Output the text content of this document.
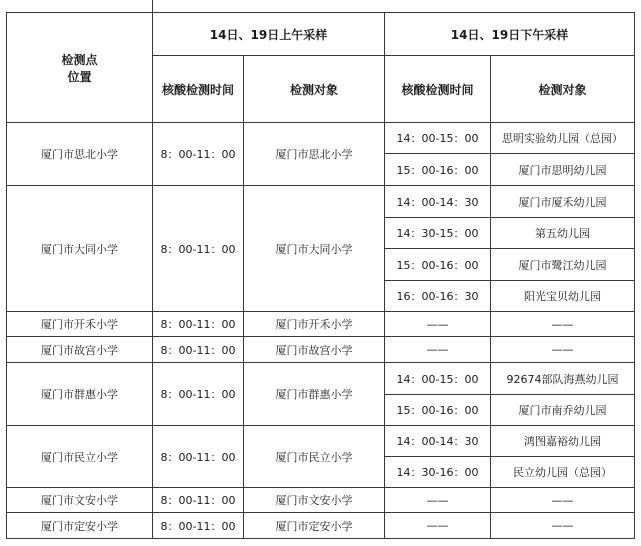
检测点
位置	14日、19日上午采样		14日、19日下午采样	
	核酸检测时间	检测对象	核酸检测时间	检测对象
厦门市思北小学	8：00-11：00	厦门市思北小学	14：00-15：00	思明实验幼儿园（总园）
			15：00-16：00	厦门市思明幼儿园
厦门市大同小学	8：00-11：00	厦门市大同小学	14：00-14：30	厦门市厦禾幼儿园
			14：30-15：00	第五幼儿园
			15：00-16：00	厦门市鹭江幼儿园
			16：00-16：30	阳光宝贝幼儿园
厦门市开禾小学	8：00-11：00	厦门市开禾小学	——	——
厦门市故宫小学	8：00-11：00	厦门市故宫小学	——	——
厦门市群惠小学	8：00-11：00	厦门市群惠小学	14：00-15：00	92674部队海燕幼儿园
			15：00-16：00	厦门市南乔幼儿园
厦门市民立小学	8：00-11：00	厦门市民立小学	14：00-14：30	鸿图嘉裕幼儿园
			14：30-16：00	民立幼儿园（总园）
厦门市文安小学	8：00-11：00	厦门市文安小学	——	——
厦门市定安小学	8：00-11：00	厦门市定安小学	——	——
